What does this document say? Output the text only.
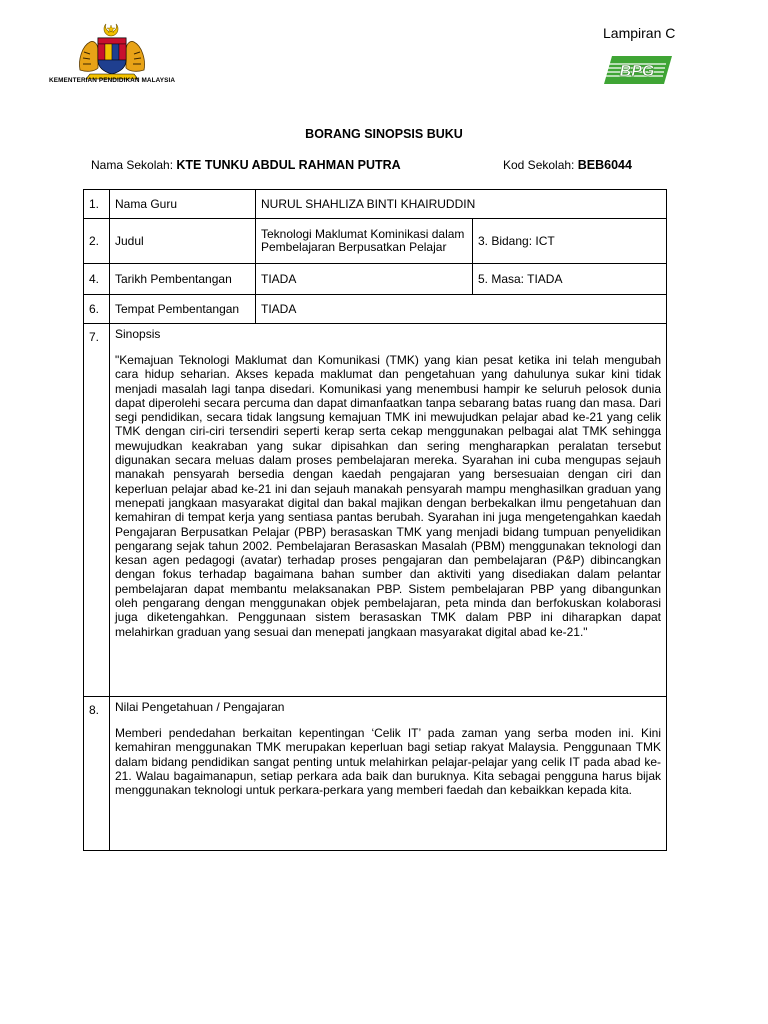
KEMENTERIAN PENDIDIKAN MALAYSIA
Lampiran C
BPG
BORANG SINOPSIS BUKU
Nama Sekolah: KTE TUNKU ABDUL RAHMAN PUTRA	Kod Sekolah: BEB6044
1.	Nama Guru	NURUL SHAHLIZA BINTI KHAIRUDDIN	
2.	Judul	Teknologi Maklumat Kominikasi dalam Pembelajaran Berpusatkan Pelajar	3. Bidang: ICT
4.	Tarikh Pembentangan	TIADA	5. Masa: TIADA
6.	Tempat Pembentangan	TIADA	
7.	Sinopsis

"Kemajuan Teknologi Maklumat dan Komunikasi (TMK) yang kian pesat ketika ini telah mengubah cara hidup seharian. Akses kepada maklumat dan pengetahuan yang dahulunya sukar kini tidak menjadi masalah lagi tanpa disedari. Komunikasi yang menembusi hampir ke seluruh pelosok dunia dapat diperolehi secara percuma dan dapat dimanfaatkan tanpa sebarang batas ruang dan masa. Dari segi pendidikan, secara tidak langsung kemajuan TMK ini mewujudkan pelajar abad ke-21 yang celik TMK dengan ciri-ciri tersendiri seperti kerap serta cekap menggunakan pelbagai alat TMK sehingga mewujudkan keakraban yang sukar dipisahkan dan sering mengharapkan peralatan tersebut digunakan secara meluas dalam proses pembelajaran mereka. Syarahan ini cuba mengupas sejauh manakah pensyarah bersedia dengan kaedah pengajaran yang bersesuaian dengan ciri dan keperluan pelajar abad ke-21 ini dan sejauh manakah pensyarah mampu menghasilkan graduan yang menepati jangkaan masyarakat digital dan bakal majikan dengan berbekalkan ilmu pengetahuan dan kemahiran di tempat kerja yang sentiasa pantas berubah. Syarahan ini juga mengetengahkan kaedah Pengajaran Berpusatkan Pelajar (PBP) berasaskan TMK yang menjadi bidang tumpuan penyelidikan pengarang sejak tahun 2002. Pembelajaran Berasaskan Masalah (PBM) menggunakan teknologi dan kesan agen pedagogi (avatar) terhadap proses pengajaran dan pembelajaran (P&P) dibincangkan dengan fokus terhadap bagaimana bahan sumber dan aktiviti yang disediakan dalam pelantar pembelajaran dapat membantu melaksanakan PBP. Sistem pembelajaran PBP yang dibangunkan oleh pengarang dengan menggunakan objek pembelajaran, peta minda dan berfokuskan kolaborasi juga diketengahkan. Penggunaan sistem berasaskan TMK dalam PBP ini diharapkan dapat melahirkan graduan yang sesuai dan menepati jangkaan masyarakat digital abad ke-21."		

8.	Nilai Pengetahuan / Pengajaran

Memberi pendedahan berkaitan kepentingan ‘Celik IT’ pada zaman yang serba moden ini. Kini kemahiran menggunakan TMK merupakan keperluan bagi setiap rakyat Malaysia. Penggunaan TMK dalam bidang pendidikan sangat penting untuk melahirkan pelajar-pelajar yang celik IT pada abad ke-21. Walau bagaimanapun, setiap perkara ada baik dan buruknya. Kita sebagai pengguna harus bijak menggunakan teknologi untuk perkara-perkara yang memberi faedah dan kebaikkan kepada kita.		
